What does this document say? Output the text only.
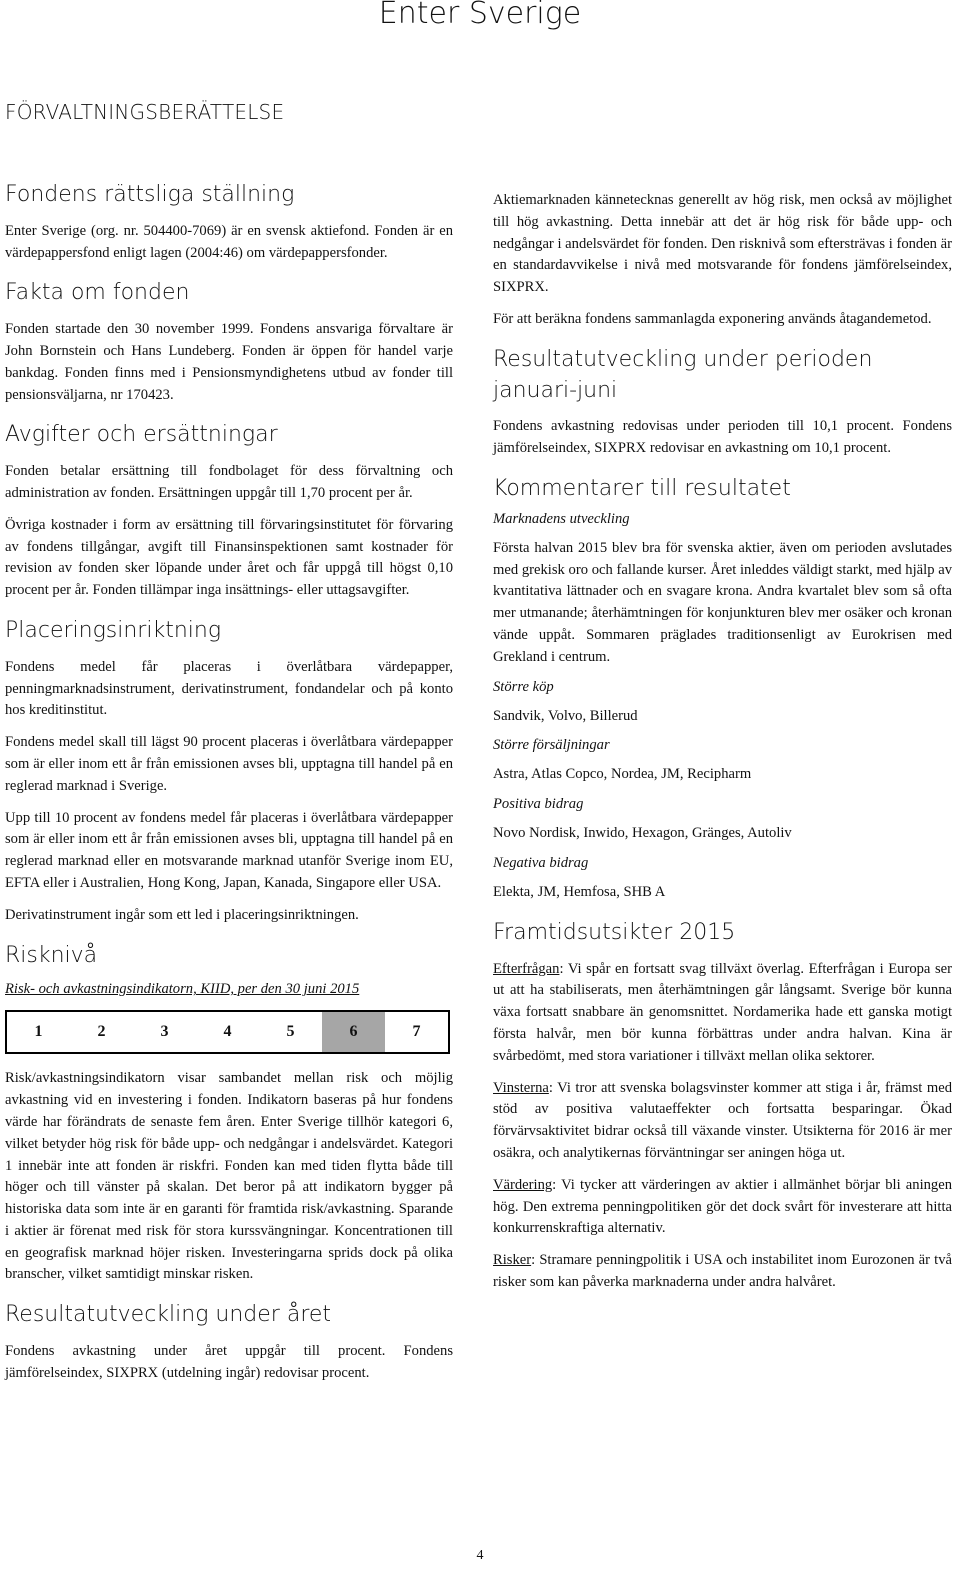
Enter Sverige
FÖRVALTNINGSBERÄTTELSE
Fondens rättsliga ställning

Enter Sverige (org. nr. 504400-7069) är en svensk aktiefond. Fonden är en värdepappersfond enligt lagen (2004:46) om värdepappersfonder.

Fakta om fonden

Fonden startade den 30 november 1999. Fondens ansvariga förvaltare är John Bornstein och Hans Lundeberg. Fonden är öppen för handel varje bankdag. Fonden finns med i Pensionsmyndighetens utbud av fonder till pensionsväljarna, nr 170423.

Avgifter och ersättningar

Fonden betalar ersättning till fondbolaget för dess förvaltning och administration av fonden. Ersättningen uppgår till 1,70 procent per år.

Övriga kostnader i form av ersättning till förvaringsinstitutet för förvaring av fondens tillgångar, avgift till Finansinspektionen samt kostnader för revision av fonden sker löpande under året och får uppgå till högst 0,10 procent per år. Fonden tillämpar inga insättnings- eller uttagsavgifter.

Placeringsinriktning

Fondens medel får placeras i överlåtbara värdepapper, penningmarknadsinstrument, derivatinstrument, fondandelar och på konto hos kreditinstitut.

Fondens medel skall till lägst 90 procent placeras i överlåtbara värdepapper som är eller inom ett år från emissionen avses bli, upptagna till handel på en reglerad marknad i Sverige.

Upp till 10 procent av fondens medel får placeras i överlåtbara värdepapper som är eller inom ett år från emissionen avses bli, upptagna till handel på en reglerad marknad eller en motsvarande marknad utanför Sverige inom EU, EFTA eller i Australien, Hong Kong, Japan, Kanada, Singapore eller USA.

Derivatinstrument ingår som ett led i placeringsinriktningen.

Risknivå
Risk- och avkastningsindikatorn, KIID, per den 30 juni 2015
1	2	3	4	5	6	7

Risk/avkastningsindikatorn visar sambandet mellan risk och möjlig avkastning vid en investering i fonden. Indikatorn baseras på hur fondens värde har förändrats de senaste fem åren. Enter Sverige tillhör kategori 6, vilket betyder hög risk för både upp- och nedgångar i andelsvärdet. Kategori 1 innebär inte att fonden är riskfri. Fonden kan med tiden flytta både till höger och till vänster på skalan. Det beror på att indikatorn bygger på historiska data som inte är en garanti för framtida risk/avkastning. Sparande i aktier är förenat med risk för stora kurssvängningar. Koncentrationen till en geografisk marknad höjer risken. Investeringarna sprids dock på olika branscher, vilket samtidigt minskar risken.

Resultatutveckling under året

Fondens avkastning under året uppgår till procent. Fondens jämförelseindex, SIXPRX (utdelning ingår) redovisar procent.

Aktiemarknaden kännetecknas generellt av hög risk, men också av möjlighet till hög avkastning. Detta innebär att det är hög risk för både upp- och nedgångar i andelsvärdet för fonden. Den risknivå som eftersträvas i fonden är en standardavvikelse i nivå med motsvarande för fondens jämförelseindex, SIXPRX.

För att beräkna fondens sammanlagda exponering används åtagandemetod.

Resultatutveckling under perioden januari-juni

Fondens avkastning redovisas under perioden till 10,1 procent. Fondens jämförelseindex, SIXPRX redovisar en avkastning om 10,1 procent.

Kommentarer till resultatet
Marknadens utveckling

Första halvan 2015 blev bra för svenska aktier, även om perioden avslutades med grekisk oro och fallande kurser. Året inleddes väldigt starkt, med hjälp av kvantitativa lättnader och en svagare krona. Andra kvartalet blev som så ofta mer utmanande; återhämtningen för konjunkturen blev mer osäker och kronan vände uppåt. Sommaren präglades traditionsenligt av Eurokrisen med Grekland i centrum.

Större köp

Sandvik, Volvo, Billerud

Större försäljningar

Astra, Atlas Copco, Nordea, JM, Recipharm

Positiva bidrag

Novo Nordisk, Inwido, Hexagon, Gränges, Autoliv

Negativa bidrag

Elekta, JM, Hemfosa, SHB A

Framtidsutsikter 2015

Efterfrågan: Vi spår en fortsatt svag tillväxt överlag. Efterfrågan i Europa ser ut att ha stabiliserats, men återhämtningen går långsamt. Sverige bör kunna växa fortsatt snabbare än genomsnittet. Nordamerika hade ett ganska motigt första halvår, men bör kunna förbättras under andra halvan. Kina är svårbedömt, med stora variationer i tillväxt mellan olika sektorer.

Vinsterna: Vi tror att svenska bolagsvinster kommer att stiga i år, främst med stöd av positiva valutaeffekter och fortsatta besparingar. Ökad förvärvsaktivitet bidrar också till växande vinster. Utsikterna för 2016 är mer osäkra, och analytikernas förväntningar ser aningen höga ut.

Värdering: Vi tycker att värderingen av aktier i allmänhet börjar bli aningen hög. Den extrema penningpolitiken gör det dock svårt för investerare att hitta konkurrenskraftiga alternativ.

Risker: Stramare penningpolitik i USA och instabilitet inom Eurozonen är två risker som kan påverka marknaderna under andra halvåret.

4
